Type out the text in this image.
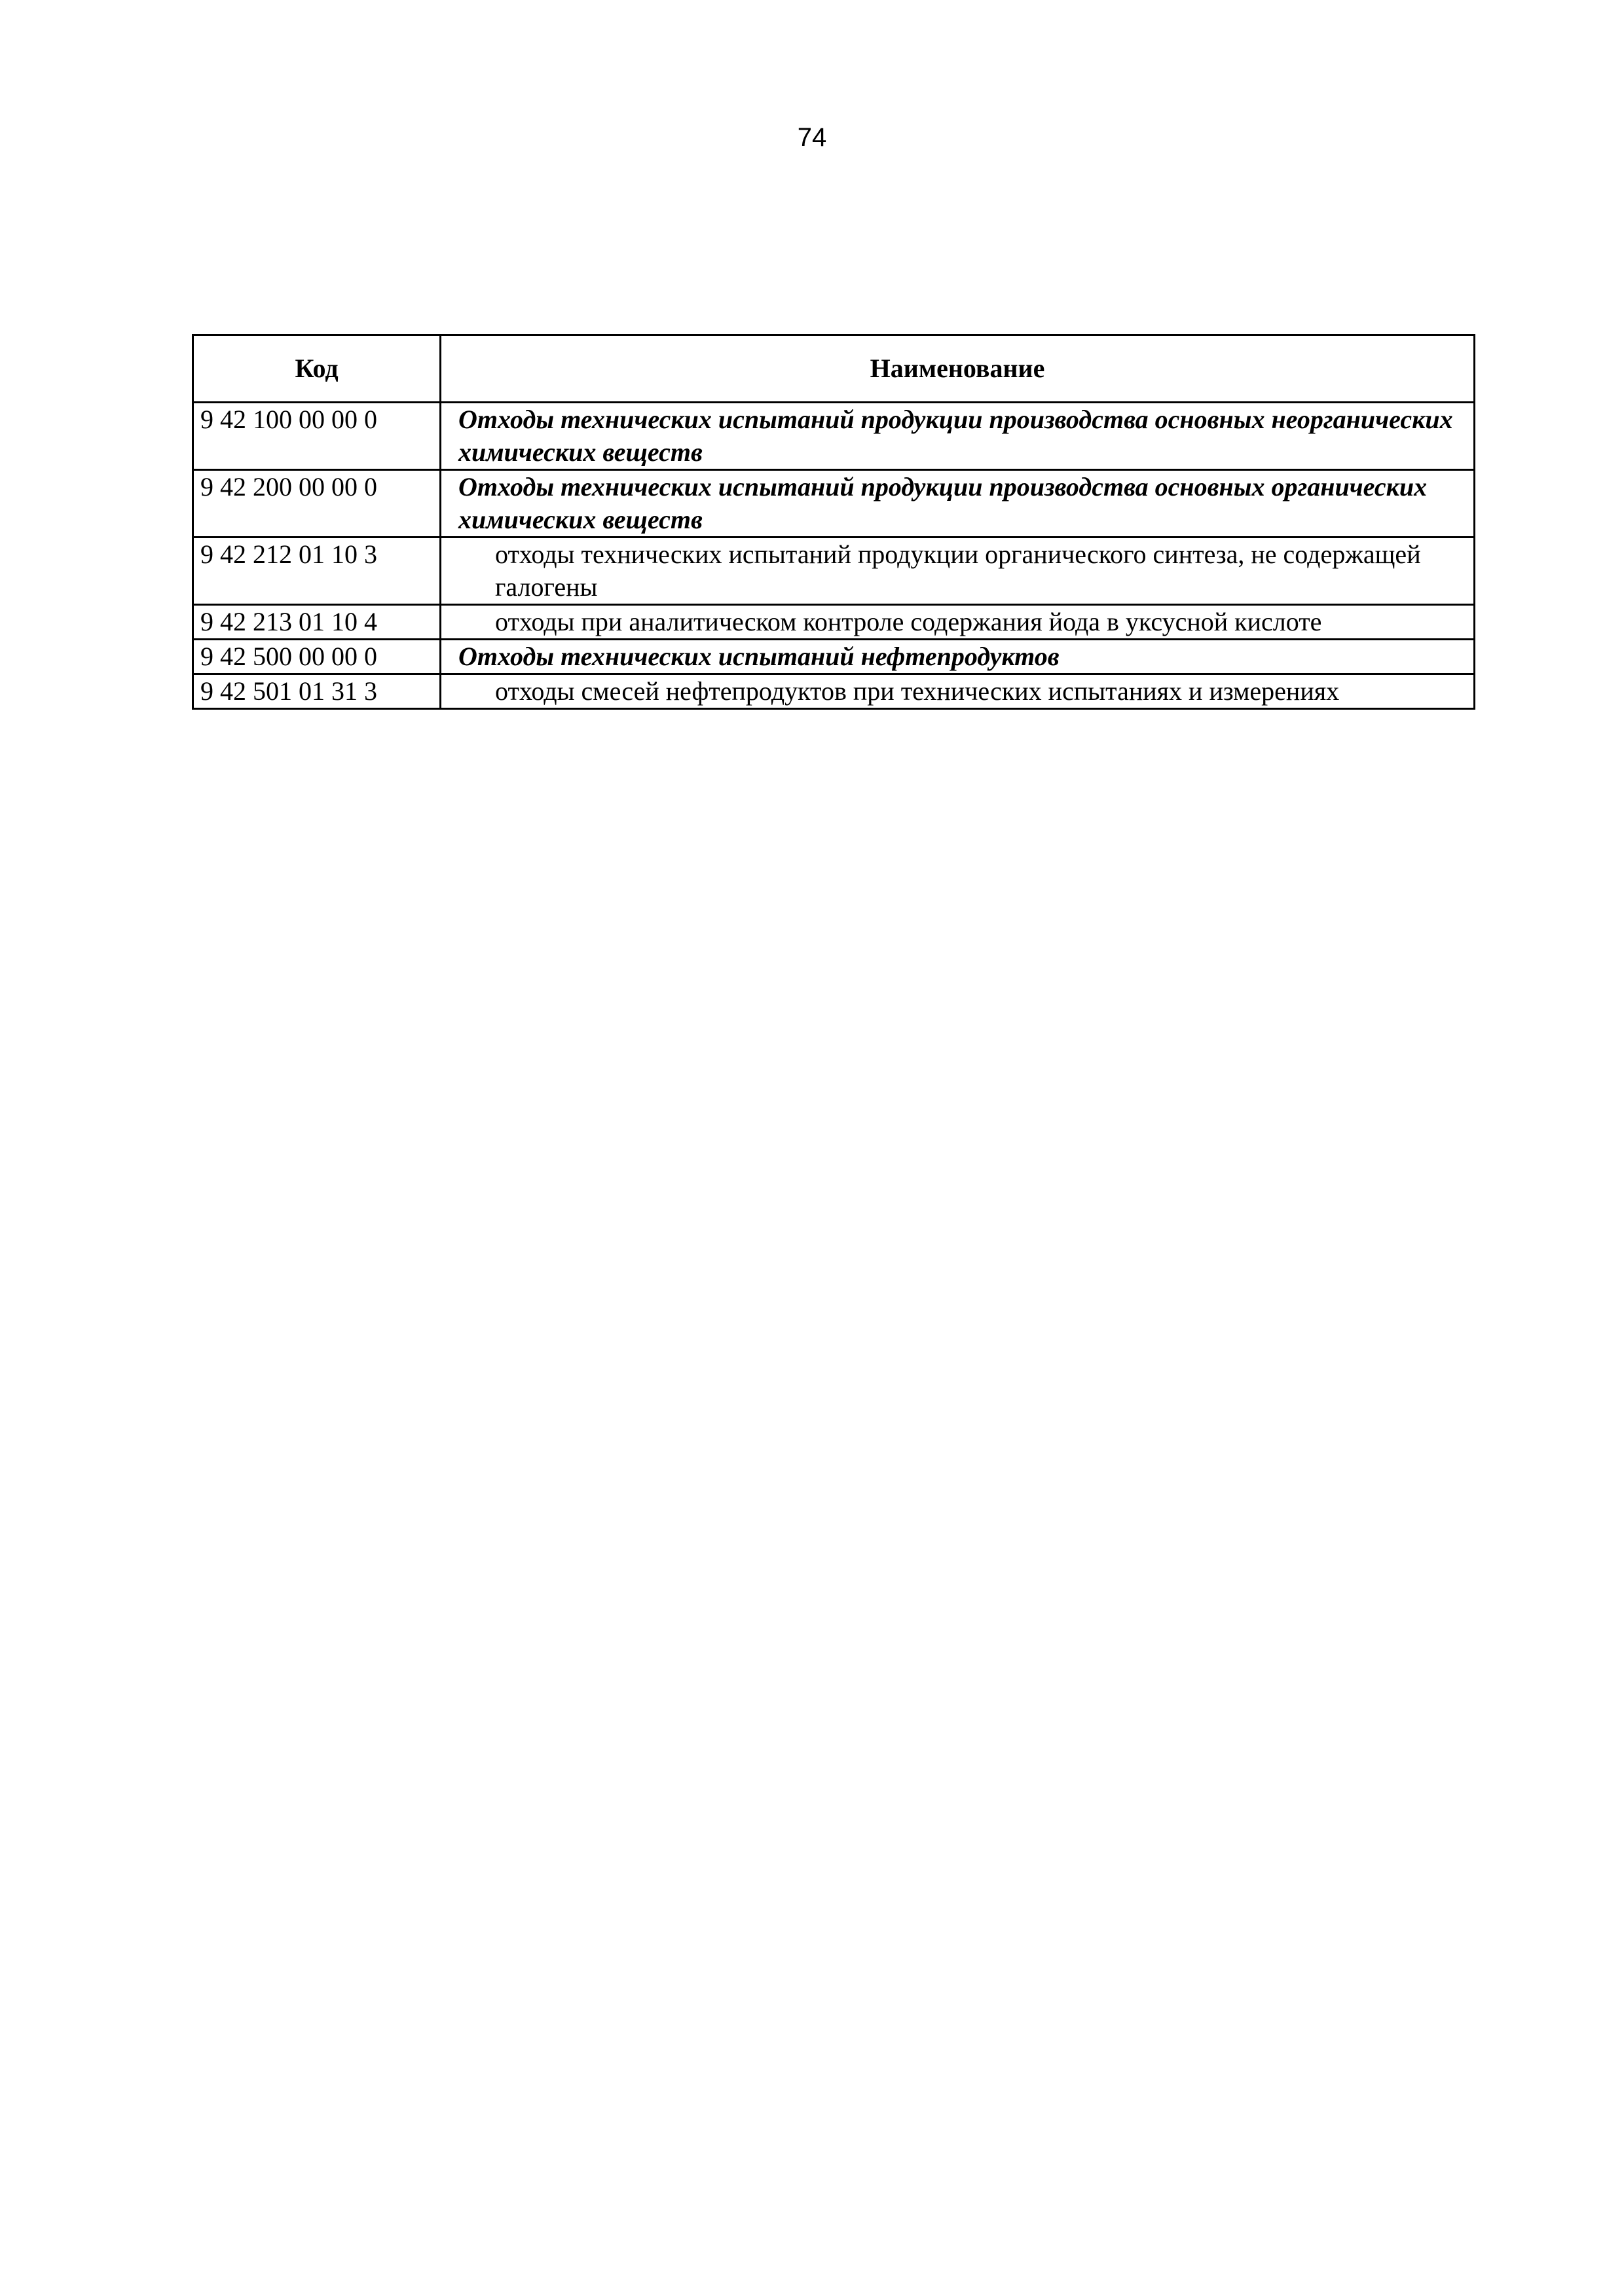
74
Код	Наименование
9 42 100 00 00 0	Отходы технических испытаний продукции производства основных неорганических химических веществ
9 42 200 00 00 0	Отходы технических испытаний продукции производства основных органических химических веществ
9 42 212 01 10 3	отходы технических испытаний продукции органического синтеза, не содержащей галогены
9 42 213 01 10 4	отходы при аналитическом контроле содержания йода в уксусной кислоте
9 42 500 00 00 0	Отходы технических испытаний нефтепродуктов
9 42 501 01 31 3	отходы смесей нефтепродуктов при технических испытаниях и измерениях
